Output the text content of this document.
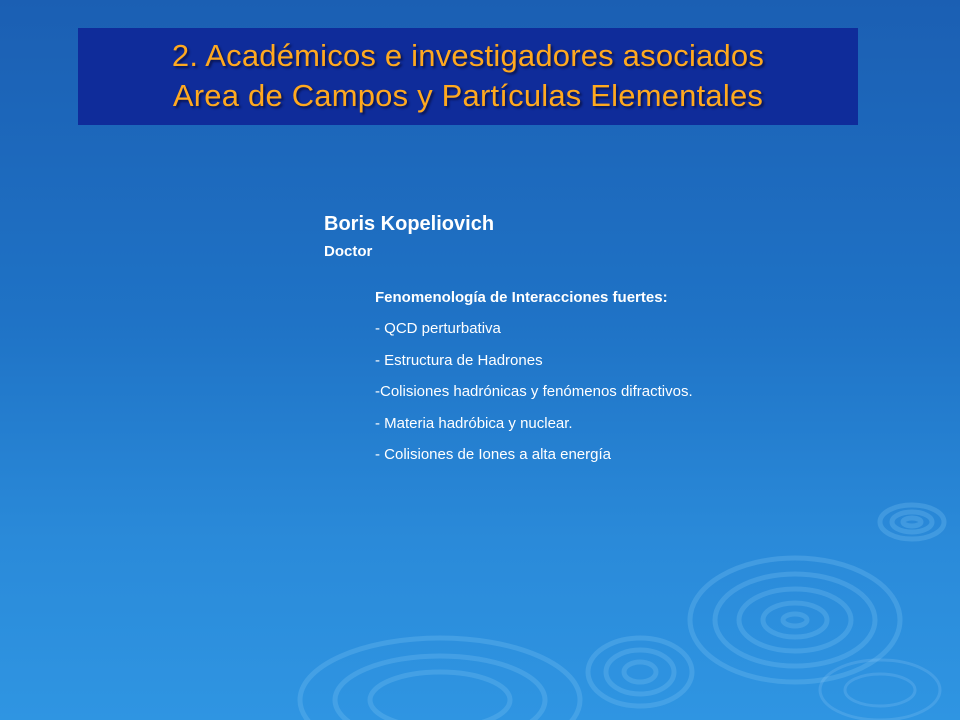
2. Académicos e investigadores asociados
Area de Campos y Partículas Elementales
Boris Kopeliovich
Doctor
Fenomenología de Interacciones fuertes:
- QCD perturbativa
- Estructura de Hadrones
-Colisiones hadrónicas y fenómenos difractivos.
- Materia hadróbica y nuclear.
- Colisiones de Iones a alta energía
